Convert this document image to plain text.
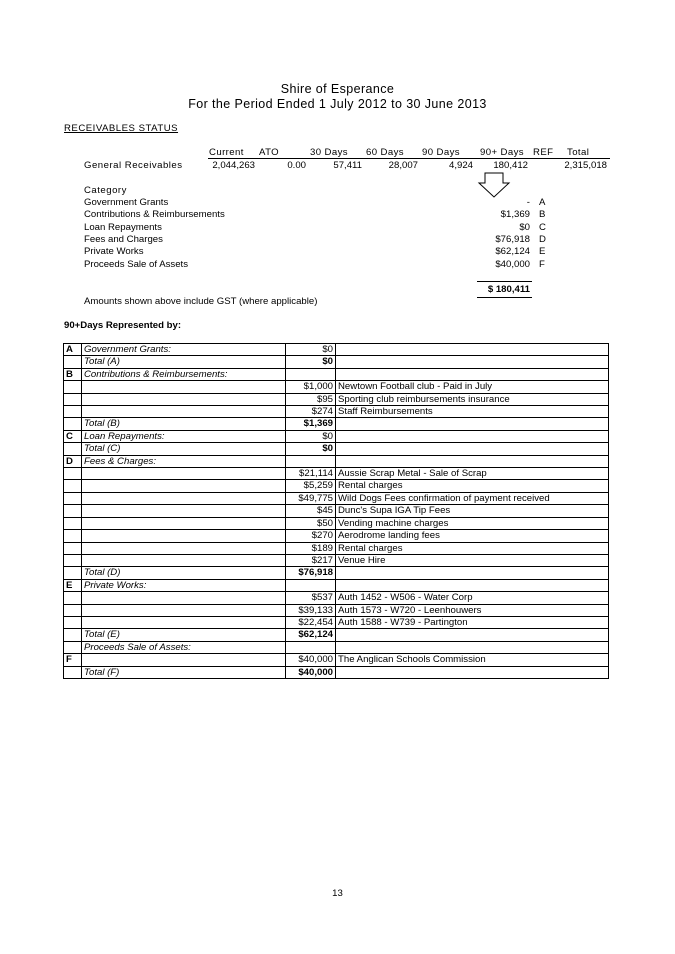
Shire of Esperance
For the Period Ended 1 July 2012 to 30 June 2013
RECEIVABLES STATUS
Current ATO	30 Days 60 Days 90 Days 90+ Days REF Total
General Receivables	2,044,263	0.00	57,411	28,007	4,924	180,412	2,315,018
Category
Government Grants	- A
Contributions & Reimbursements	$1,369 B
Loan Repayments	$0 C
Fees and Charges	$76,918 D
Private Works	$62,124 E
Proceeds Sale of Assets	$40,000 F
$ 180,411
Amounts shown above include GST (where applicable)
90+Days Represented by:
A	Government Grants:	$0	
	Total (A)	$0	
B	Contributions & Reimbursements:		
		$1,000	Newtown Football club - Paid in July
		$95	Sporting club reimbursements insurance
		$274	Staff Reimbursements
	Total (B)	$1,369	
C	Loan Repayments:	$0	
	Total (C)	$0	
D	Fees & Charges:		
		$21,114	Aussie Scrap Metal - Sale of Scrap
		$5,259	Rental charges
		$49,775	Wild Dogs Fees confirmation of payment received
		$45	Dunc's Supa IGA Tip Fees
		$50	Vending machine charges
		$270	Aerodrome landing fees
		$189	Rental charges
		$217	Venue Hire
	Total (D)	$76,918	
E	Private Works:		
		$537	Auth 1452 - W506 - Water Corp
		$39,133	Auth 1573 - W720 - Leenhouwers
		$22,454	Auth 1588 - W739 - Partington
	Total (E)	$62,124	
	Proceeds Sale of Assets:		
F		$40,000	The Anglican Schools Commission
	Total (F)	$40,000	
13
